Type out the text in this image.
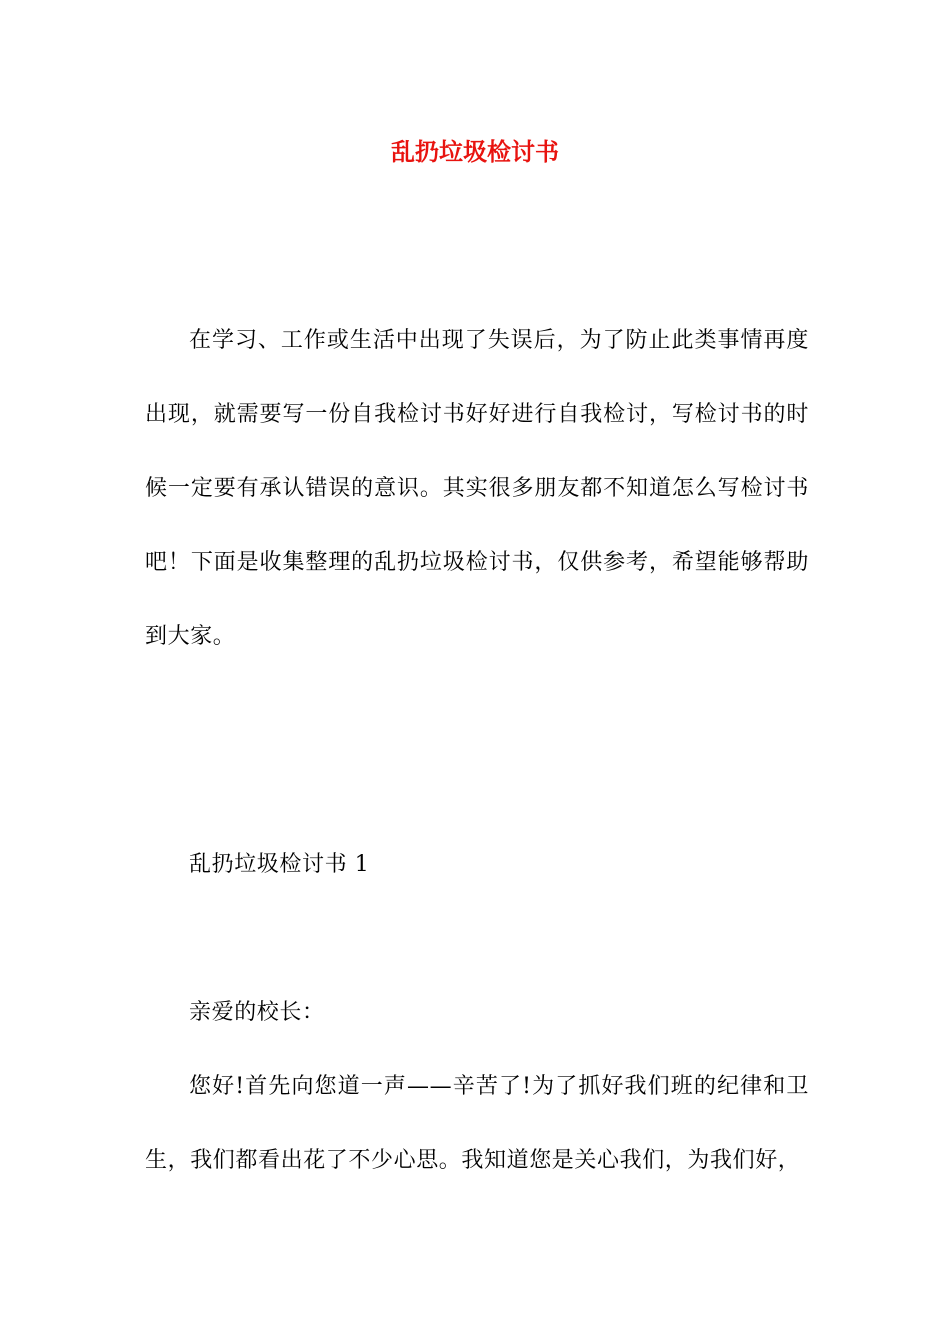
乱扔垃圾检讨书

在学习、工作或生活中出现了失误后，为了防止此类事情再度出现，就需要写一份自我检讨书好好进行自我检讨，写检讨书的时候一定要有承认错误的意识。其实很多朋友都不知道怎么写检讨书吧！下面是收集整理的乱扔垃圾检讨书，仅供参考，希望能够帮助到大家。

乱扔垃圾检讨书 1

亲爱的校长：

您好!首先向您道一声——辛苦了!为了抓好我们班的纪律和卫生，我们都看出花了不少心思。我知道您是关心我们，为我们好，
